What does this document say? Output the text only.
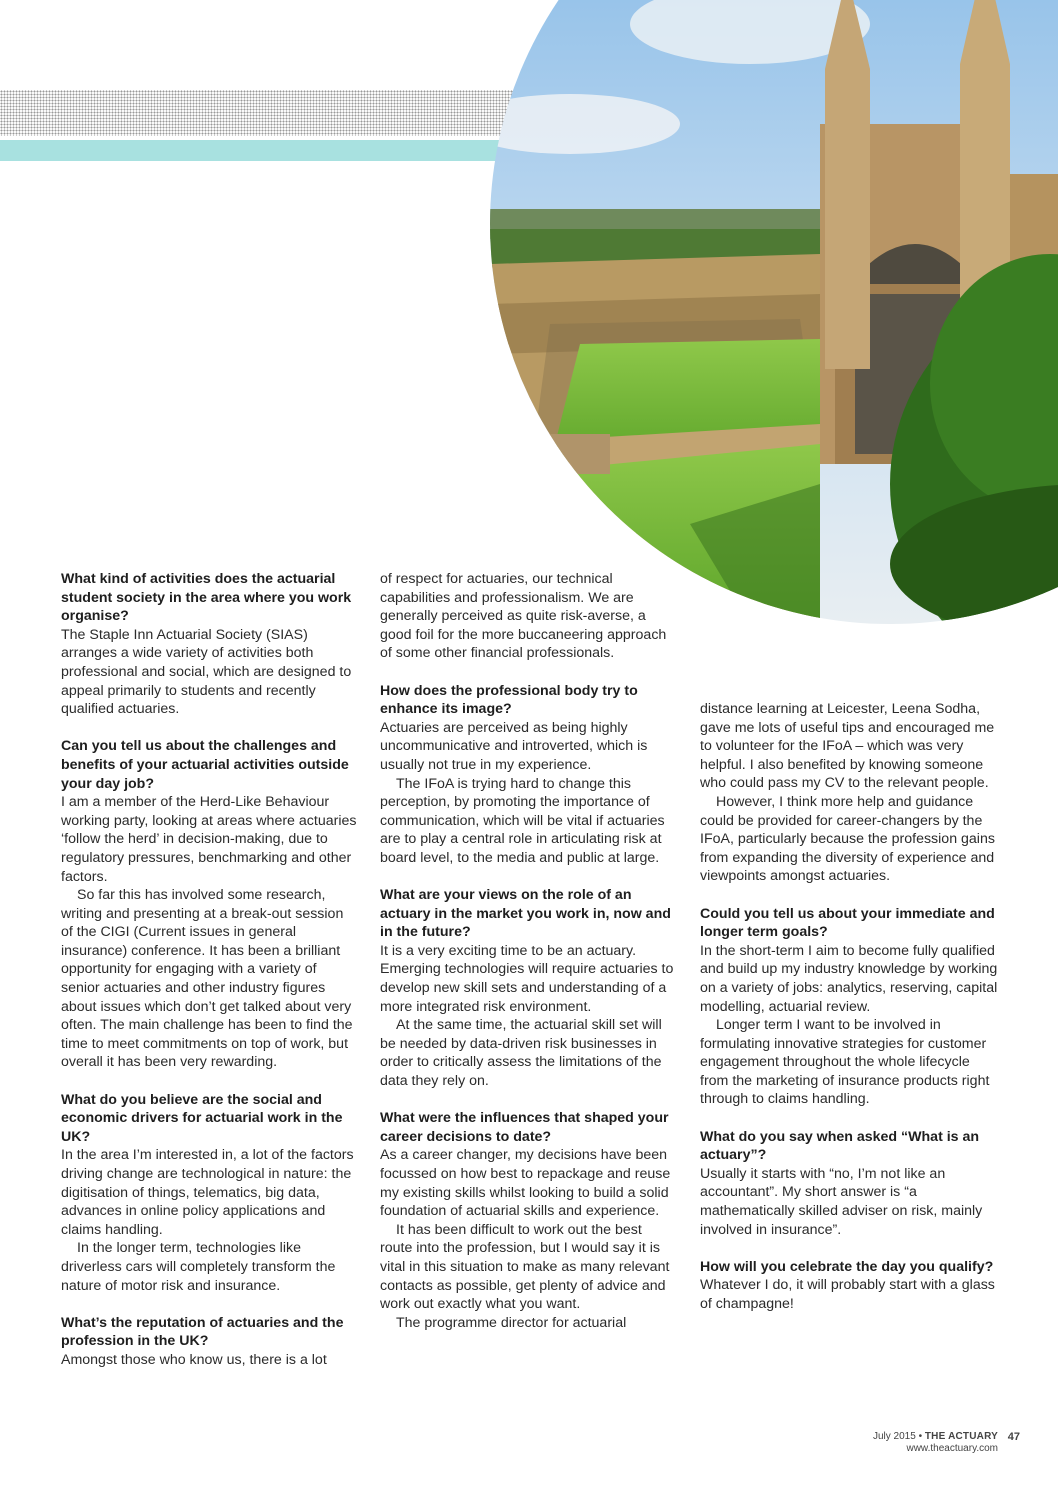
What kind of activities does the actuarial student society in the area where you work organise?

The Staple Inn Actuarial Society (SIAS) arranges a wide variety of activities both professional and social, which are designed to appeal primarily to students and recently qualified actuaries.

Can you tell us about the challenges and benefits of your actuarial activities outside your day job?

I am a member of the Herd-Like Behaviour working party, looking at areas where actuaries ‘follow the herd’ in decision-making, due to regulatory pressures, benchmarking and other factors.

So far this has involved some research, writing and presenting at a break-out session of the CIGI (Current issues in general insurance) conference. It has been a brilliant opportunity for engaging with a variety of senior actuaries and other industry figures about issues which don’t get talked about very often. The main challenge has been to find the time to meet commitments on top of work, but overall it has been very rewarding.

What do you believe are the social and economic drivers for actuarial work in the UK?

In the area I’m interested in, a lot of the factors driving change are technological in nature: the digitisation of things, telematics, big data, advances in online policy applications and claims handling.

In the longer term, technologies like driverless cars will completely transform the nature of motor risk and insurance.

What’s the reputation of actuaries and the profession in the UK?

Amongst those who know us, there is a lot

of respect for actuaries, our technical capabilities and professionalism. We are generally perceived as quite risk-averse, a good foil for the more buccaneering approach of some other financial professionals.

How does the professional body try to enhance its image?

Actuaries are perceived as being highly uncommunicative and introverted, which is usually not true in my experience.

The IFoA is trying hard to change this perception, by promoting the importance of communication, which will be vital if actuaries are to play a central role in articulating risk at board level, to the media and public at large.

What are your views on the role of an actuary in the market you work in, now and in the future?

It is a very exciting time to be an actuary. Emerging technologies will require actuaries to develop new skill sets and understanding of a more integrated risk environment.

At the same time, the actuarial skill set will be needed by data-driven risk businesses in order to critically assess the limitations of the data they rely on.

What were the influences that shaped your career decisions to date?

As a career changer, my decisions have been focussed on how best to repackage and reuse my existing skills whilst looking to build a solid foundation of actuarial skills and experience.

It has been difficult to work out the best route into the profession, but I would say it is vital in this situation to make as many relevant contacts as possible, get plenty of advice and work out exactly what you want.

The programme director for actuarial

distance learning at Leicester, Leena Sodha, gave me lots of useful tips and encouraged me to volunteer for the IFoA – which was very helpful. I also benefited by knowing someone who could pass my CV to the relevant people.

However, I think more help and guidance could be provided for career-changers by the IFoA, particularly because the profession gains from expanding the diversity of experience and viewpoints amongst actuaries.

Could you tell us about your immediate and longer term goals?

In the short-term I aim to become fully qualified and build up my industry knowledge by working on a variety of jobs: analytics, reserving, capital modelling, actuarial review.

Longer term I want to be involved in formulating innovative strategies for customer engagement throughout the whole lifecycle from the marketing of insurance products right through to claims handling.

What do you say when asked “What is an actuary”?

Usually it starts with “no, I’m not like an accountant”. My short answer is “a mathematically skilled adviser on risk, mainly involved in insurance”.

How will you celebrate the day you qualify?

Whatever I do, it will probably start with a glass of champagne!

July 2015 • THE ACTUARY
www.theactuary.com
47
